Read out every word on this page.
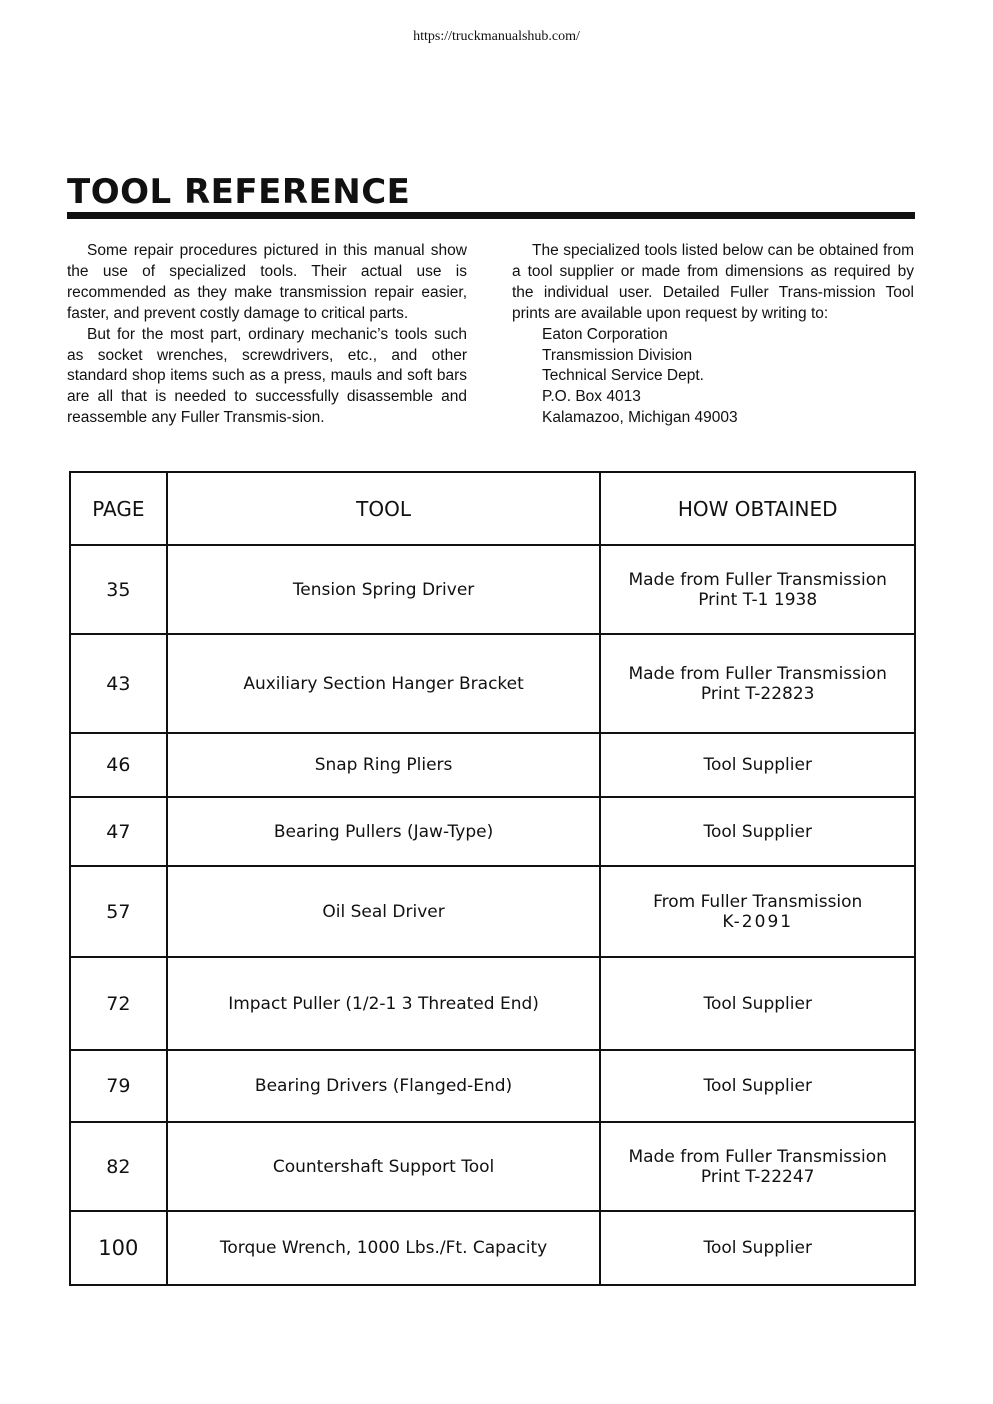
https://truckmanualshub.com/
TOOL REFERENCE

Some repair procedures pictured in this manual show the use of specialized tools. Their actual use is recommended as they make transmission repair easier, faster, and prevent costly damage to critical parts.

But for the most part, ordinary mechanic’s tools such as socket wrenches, screwdrivers, etc., and other standard shop items such as a press, mauls and soft bars are all that is needed to successfully disassemble and reassemble any Fuller Transmis-sion.

The specialized tools listed below can be obtained from a tool supplier or made from dimensions as required by the individual user. Detailed Fuller Trans-mission Tool prints are available upon request by writing to:

Eaton Corporation
Transmission Division
Technical Service Dept.
P.O. Box 4013
Kalamazoo, Michigan 49003
PAGE	TOOL	HOW OBTAINED
35	Tension Spring Driver	Made from Fuller Transmission
Print T-1 1938

43	Auxiliary Section Hanger Bracket	Made from Fuller Transmission
Print T-22823

46	Snap Ring Pliers	Tool Supplier

47	Bearing Pullers (Jaw-Type)	Tool Supplier

57	Oil Seal Driver	From Fuller Transmission
K-2091

72	Impact Puller (1/2-1 3 Threated End)	Tool Supplier

79	Bearing Drivers (Flanged-End)	Tool Supplier

82	Countershaft Support Tool	Made from Fuller Transmission
Print T-22247

100	Torque Wrench, 1000 Lbs./Ft. Capacity	Tool Supplier
